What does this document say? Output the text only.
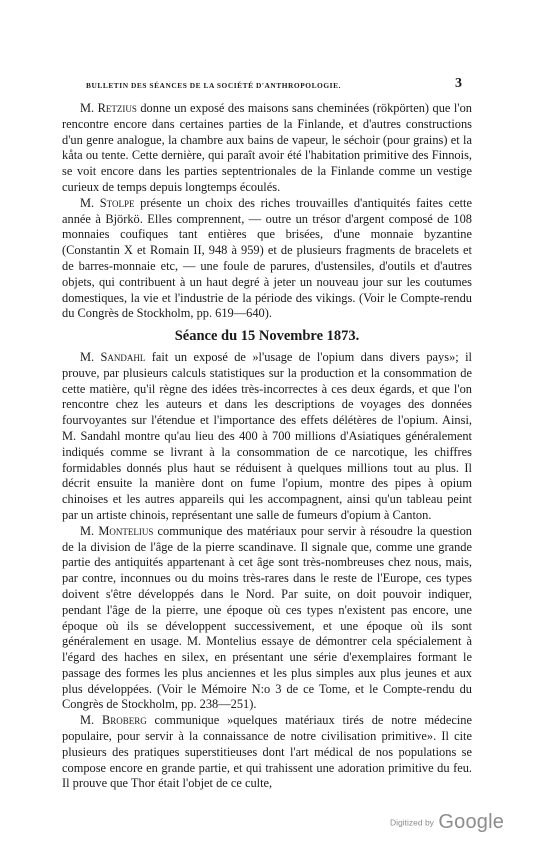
BULLETIN DES SÉANCES DE LA SOCIÉTÉ D'ANTHROPOLOGIE.	3

M. Retzius donne un exposé des maisons sans cheminées (rökpörten) que l'on rencontre encore dans certaines parties de la Finlande, et d'autres constructions d'un genre analogue, la chambre aux bains de vapeur, le séchoir (pour grains) et la kåta ou tente. Cette dernière, qui paraît avoir été l'habitation primitive des Finnois, se voit encore dans les parties septentrionales de la Finlande comme un vestige curieux de temps depuis longtemps écoulés.

M. Stolpe présente un choix des riches trouvailles d'antiquités faites cette année à Björkö. Elles comprennent, — outre un trésor d'argent composé de 108 monnaies coufiques tant entières que brisées, d'une monnaie byzantine (Constantin X et Romain II, 948 à 959) et de plusieurs fragments de bracelets et de barres-monnaie etc, — une foule de parures, d'ustensiles, d'outils et d'autres objets, qui contribuent à un haut degré à jeter un nouveau jour sur les coutumes domestiques, la vie et l'industrie de la période des vikings. (Voir le Compte-rendu du Congrès de Stockholm, pp. 619—640).

Séance du 15 Novembre 1873.

M. Sandahl fait un exposé de »l'usage de l'opium dans divers pays»; il prouve, par plusieurs calculs statistiques sur la production et la consommation de cette matière, qu'il règne des idées très-incorrectes à ces deux égards, et que l'on rencontre chez les auteurs et dans les descriptions de voyages des données fourvoyantes sur l'étendue et l'importance des effets délétères de l'opium. Ainsi, M. Sandahl montre qu'au lieu des 400 à 700 millions d'Asiatiques généralement indiqués comme se livrant à la consommation de ce narcotique, les chiffres formidables donnés plus haut se réduisent à quelques millions tout au plus. Il décrit ensuite la manière dont on fume l'opium, montre des pipes à opium chinoises et les autres appareils qui les accompagnent, ainsi qu'un tableau peint par un artiste chinois, représentant une salle de fumeurs d'opium à Canton.

M. Montelius communique des matériaux pour servir à résoudre la question de la division de l'âge de la pierre scandinave. Il signale que, comme une grande partie des antiquités appartenant à cet âge sont très-nombreuses chez nous, mais, par contre, inconnues ou du moins très-rares dans le reste de l'Europe, ces types doivent s'être développés dans le Nord. Par suite, on doit pouvoir indiquer, pendant l'âge de la pierre, une époque où ces types n'existent pas encore, une époque où ils se développent successivement, et une époque où ils sont généralement en usage. M. Montelius essaye de démontrer cela spécialement à l'égard des haches en silex, en présentant une série d'exemplaires formant le passage des formes les plus anciennes et les plus simples aux plus jeunes et aux plus développées. (Voir le Mémoire N:o 3 de ce Tome, et le Compte-rendu du Congrès de Stockholm, pp. 238—251).

M. Broberg communique »quelques matériaux tirés de notre médecine populaire, pour servir à la connaissance de notre civilisation primitive». Il cite plusieurs des pratiques superstitieuses dont l'art médical de nos populations se compose encore en grande partie, et qui trahissent une adoration primitive du feu. Il prouve que Thor était l'objet de ce culte,

Digitized by Google
